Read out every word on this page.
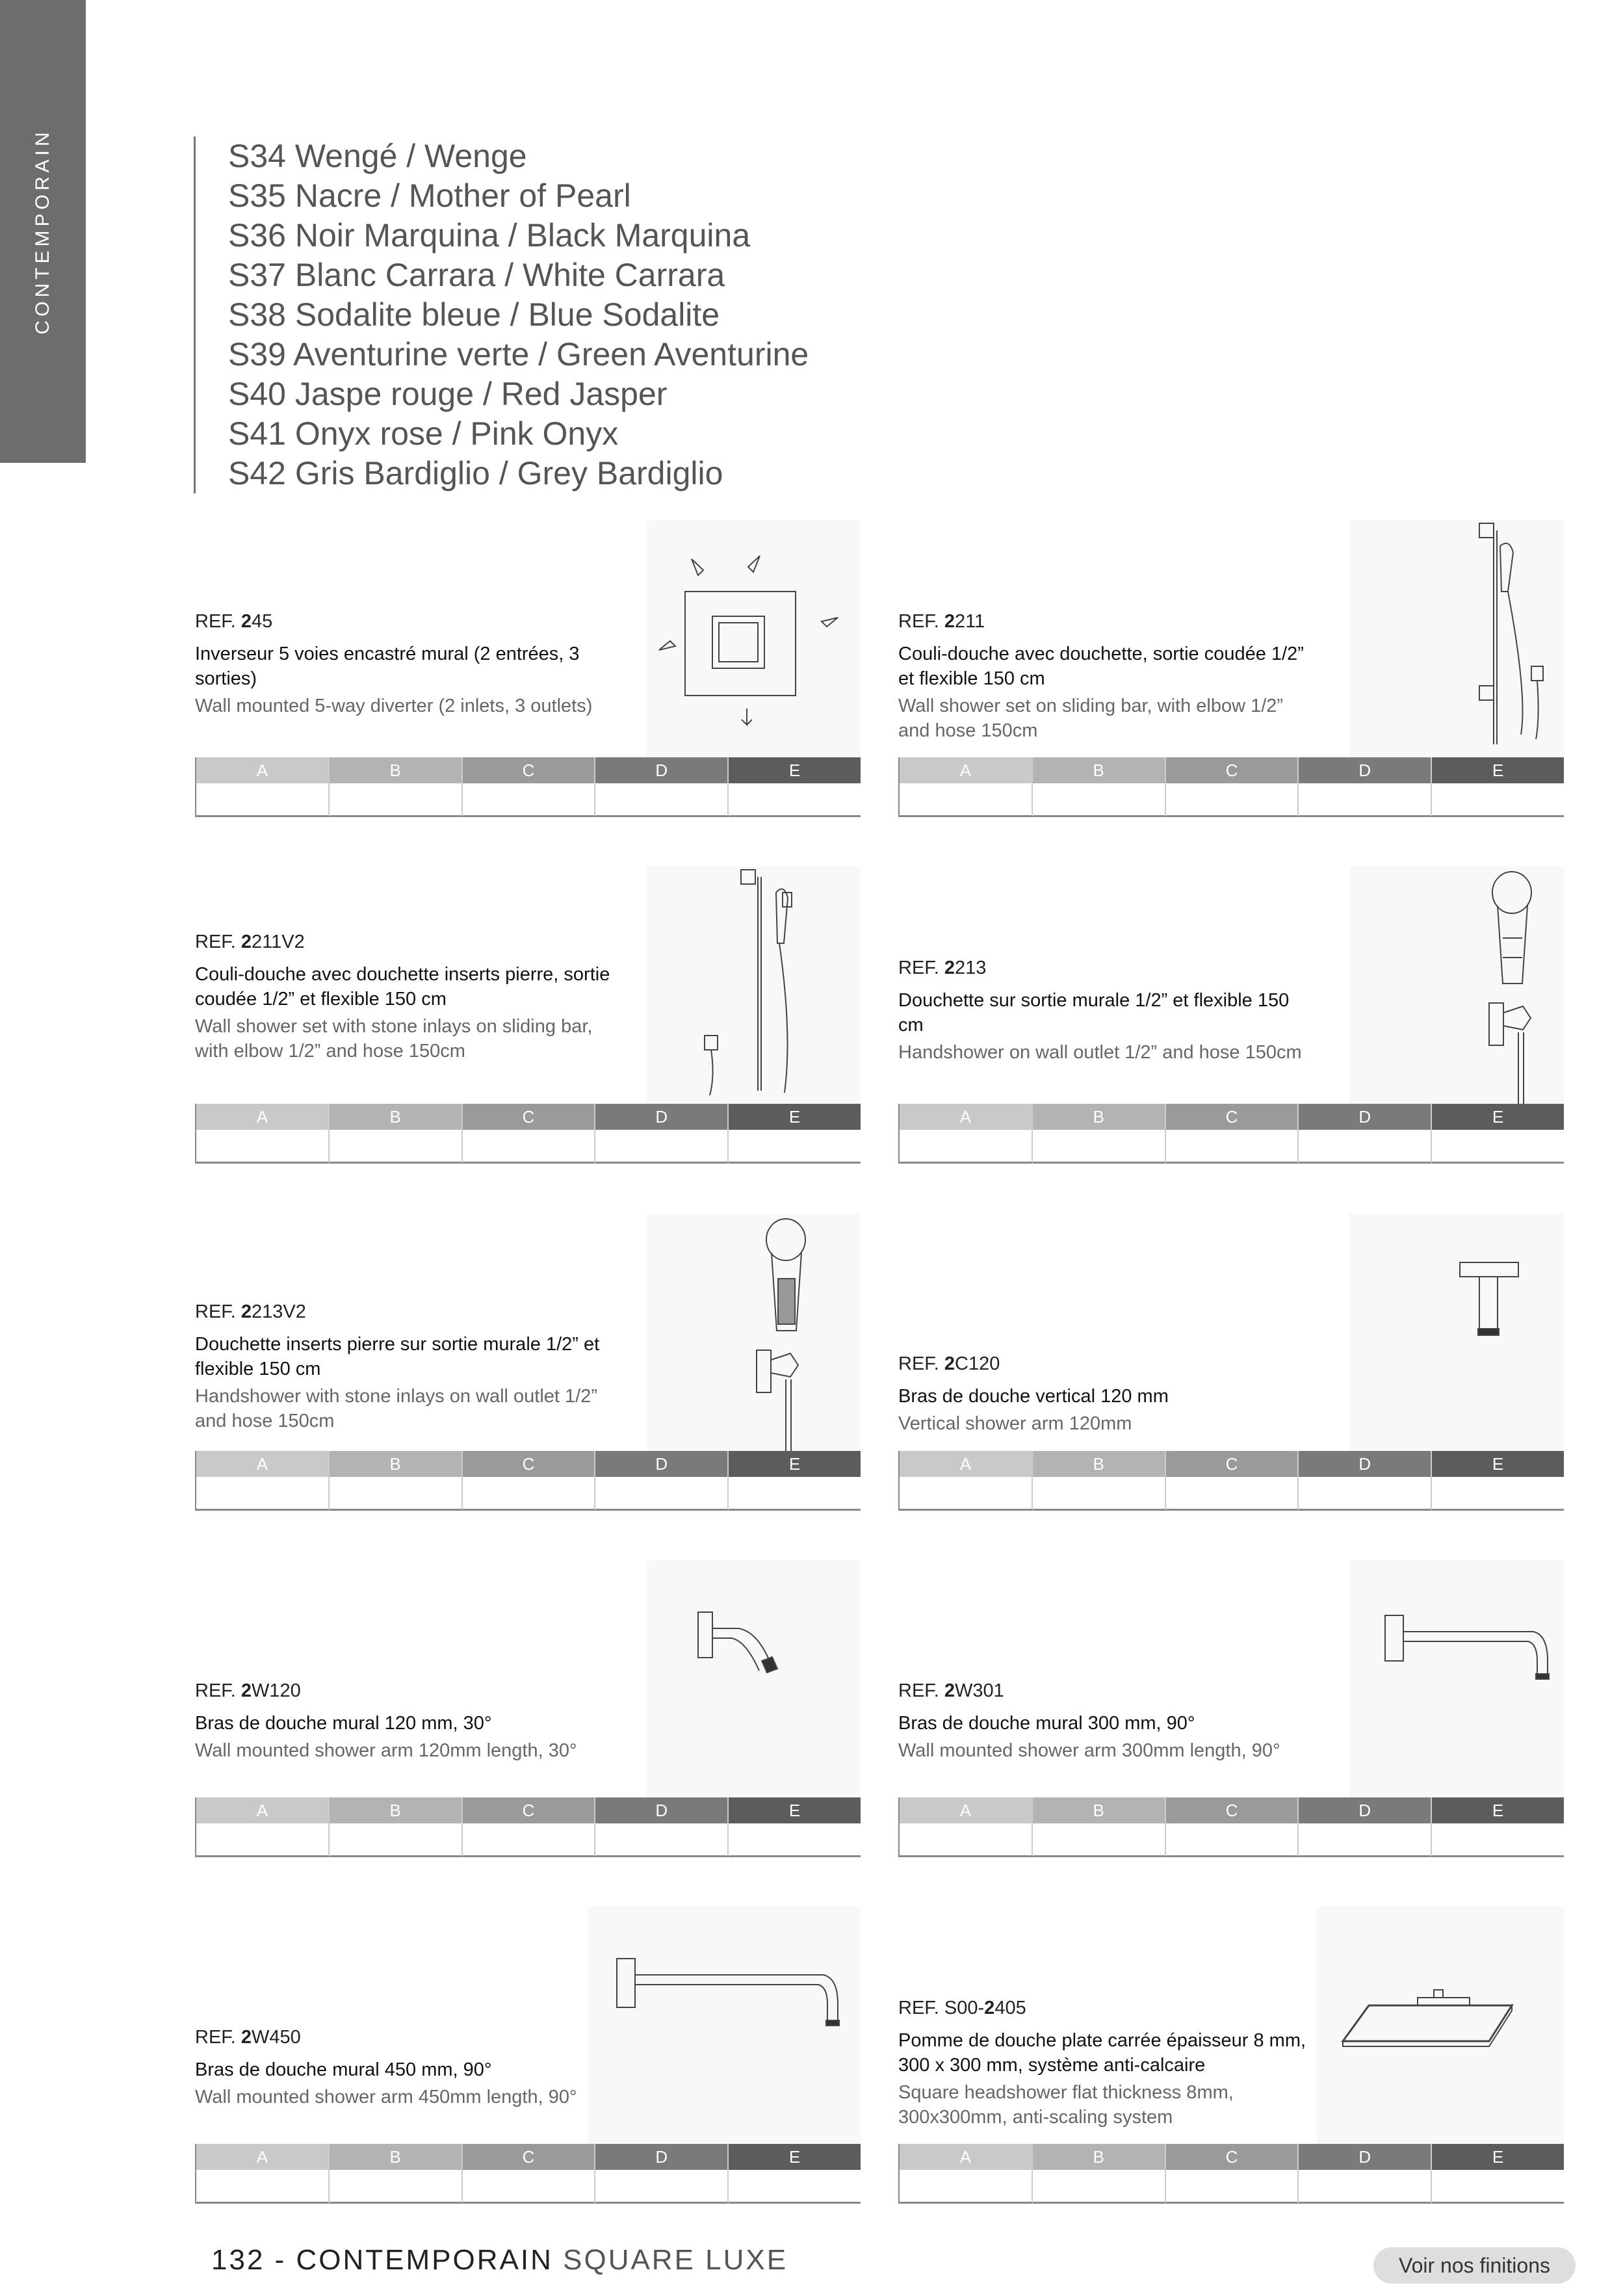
CONTEMPORAIN	S34 Wengé / Wenge
S35 Nacre / Mother of Pearl
S36 Noir Marquina / Black Marquina
S37 Blanc Carrara / White Carrara
S38 Sodalite bleue / Blue Sodalite
S39 Aventurine verte / Green Aventurine
S40 Jaspe rouge / Red Jasper
S41 Onyx rose / Pink Onyx
S42 Gris Bardiglio / Grey Bardiglio
REF. 245
Inverseur 5 voies encastré mural (2 entrées, 3 sorties)
Wall mounted 5-way diverter (2 inlets, 3 outlets)
A	B	C	D	E
REF. 2211
Couli-douche avec douchette, sortie coudée 1/2” et flexible 150 cm
Wall shower set on sliding bar, with elbow 1/2” and hose 150cm
A	B	C	D	E
REF. 2211V2
Couli-douche avec douchette inserts pierre, sortie coudée 1/2” et flexible 150 cm
Wall shower set with stone inlays on sliding bar, with elbow 1/2” and hose 150cm
A	B	C	D	E
REF. 2213
Douchette sur sortie murale 1/2” et flexible 150 cm
Handshower on wall outlet 1/2” and hose 150cm
A	B	C	D	E
REF. 2213V2
Douchette inserts pierre sur sortie murale 1/2” et flexible 150 cm
Handshower with stone inlays on wall outlet 1/2” and hose 150cm
A	B	C	D	E
REF. 2C120
Bras de douche vertical 120 mm
Vertical shower arm 120mm
A	B	C	D	E
REF. 2W120
Bras de douche mural 120 mm, 30°
Wall mounted shower arm 120mm length, 30°
A	B	C	D	E
REF. 2W301
Bras de douche mural 300 mm, 90°
Wall mounted shower arm 300mm length, 90°
A	B	C	D	E
REF. 2W450
Bras de douche mural 450 mm, 90°
Wall mounted shower arm 450mm length, 90°
A	B	C	D	E
REF. S00-2405
Pomme de douche plate carrée épaisseur 8 mm, 300 x 300 mm, système anti-calcaire
Square headshower flat thickness 8mm, 300x300mm, anti-scaling system
A	B	C	D	E
132 - CONTEMPORAIN SQUARE LUXE	Voir nos finitions
